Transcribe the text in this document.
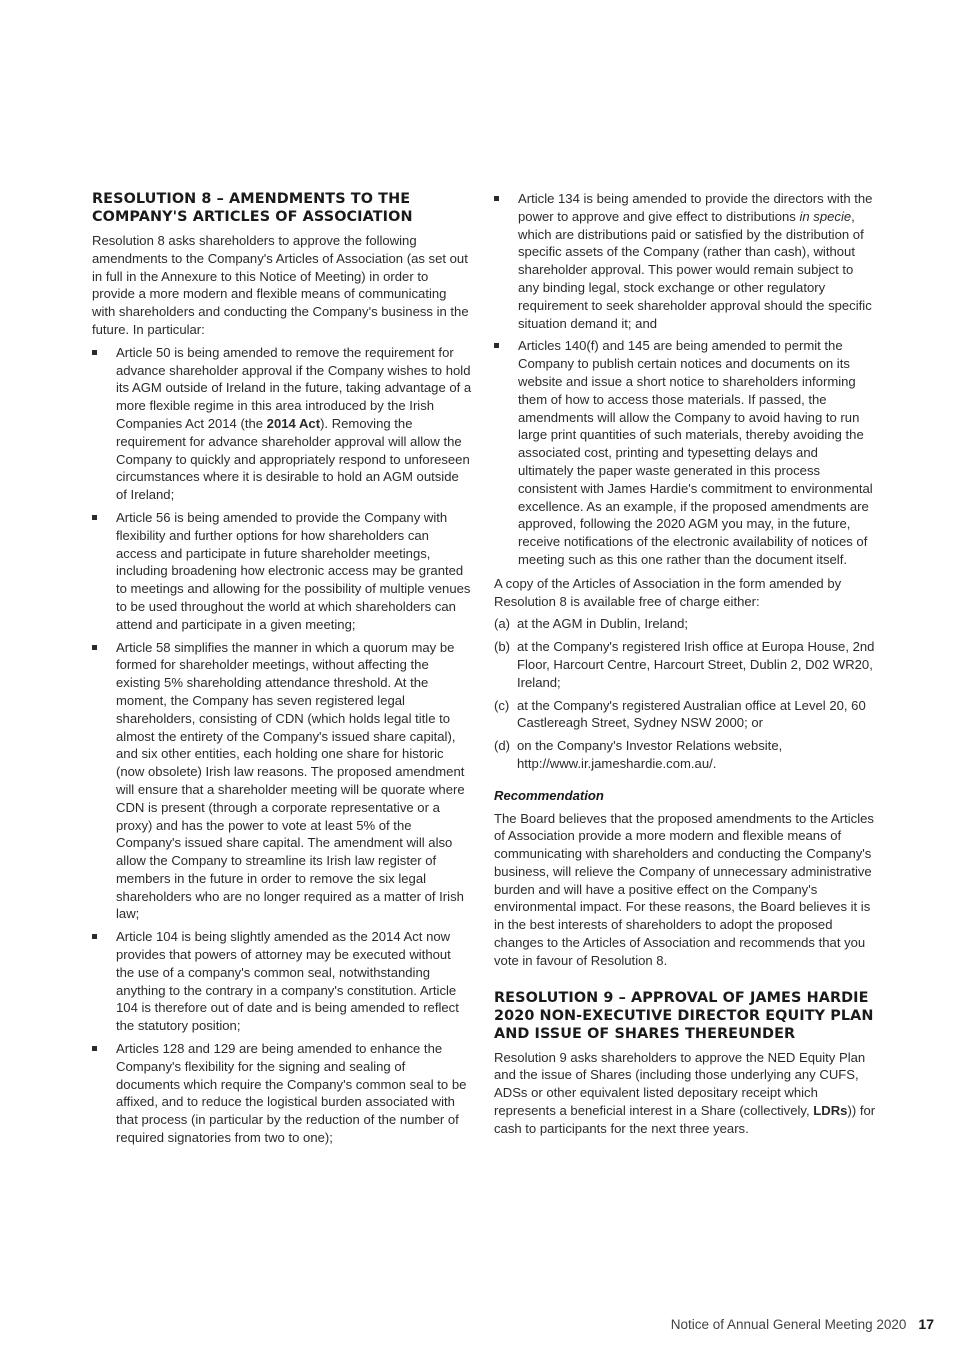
RESOLUTION 8 – AMENDMENTS TO THE COMPANY'S ARTICLES OF ASSOCIATION

Resolution 8 asks shareholders to approve the following amendments to the Company's Articles of Association (as set out in full in the Annexure to this Notice of Meeting) in order to provide a more modern and flexible means of communicating with shareholders and conducting the Company's business in the future. In particular:

Article 50 is being amended to remove the requirement for advance shareholder approval if the Company wishes to hold its AGM outside of Ireland in the future, taking advantage of a more flexible regime in this area introduced by the Irish Companies Act 2014 (the 2014 Act). Removing the requirement for advance shareholder approval will allow the Company to quickly and appropriately respond to unforeseen circumstances where it is desirable to hold an AGM outside of Ireland;
Article 56 is being amended to provide the Company with flexibility and further options for how shareholders can access and participate in future shareholder meetings, including broadening how electronic access may be granted to meetings and allowing for the possibility of multiple venues to be used throughout the world at which shareholders can attend and participate in a given meeting;
Article 58 simplifies the manner in which a quorum may be formed for shareholder meetings, without affecting the existing 5% shareholding attendance threshold. At the moment, the Company has seven registered legal shareholders, consisting of CDN (which holds legal title to almost the entirety of the Company's issued share capital), and six other entities, each holding one share for historic (now obsolete) Irish law reasons. The proposed amendment will ensure that a shareholder meeting will be quorate where CDN is present (through a corporate representative or a proxy) and has the power to vote at least 5% of the Company's issued share capital. The amendment will also allow the Company to streamline its Irish law register of members in the future in order to remove the six legal shareholders who are no longer required as a matter of Irish law;
Article 104 is being slightly amended as the 2014 Act now provides that powers of attorney may be executed without the use of a company's common seal, notwithstanding anything to the contrary in a company's constitution. Article 104 is therefore out of date and is being amended to reflect the statutory position;
Articles 128 and 129 are being amended to enhance the Company's flexibility for the signing and sealing of documents which require the Company's common seal to be affixed, and to reduce the logistical burden associated with that process (in particular by the reduction of the number of required signatories from two to one);
Article 134 is being amended to provide the directors with the power to approve and give effect to distributions in specie, which are distributions paid or satisfied by the distribution of specific assets of the Company (rather than cash), without shareholder approval. This power would remain subject to any binding legal, stock exchange or other regulatory requirement to seek shareholder approval should the specific situation demand it; and
Articles 140(f) and 145 are being amended to permit the Company to publish certain notices and documents on its website and issue a short notice to shareholders informing them of how to access those materials. If passed, the amendments will allow the Company to avoid having to run large print quantities of such materials, thereby avoiding the associated cost, printing and typesetting delays and ultimately the paper waste generated in this process consistent with James Hardie's commitment to environmental excellence. As an example, if the proposed amendments are approved, following the 2020 AGM you may, in the future, receive notifications of the electronic availability of notices of meeting such as this one rather than the document itself.

A copy of the Articles of Association in the form amended by Resolution 8 is available free of charge either:

(a) at the AGM in Dublin, Ireland;
(b) at the Company's registered Irish office at Europa House, 2nd Floor, Harcourt Centre, Harcourt Street, Dublin 2, D02 WR20, Ireland;
(c) at the Company's registered Australian office at Level 20, 60 Castlereagh Street, Sydney NSW 2000; or
(d) on the Company's Investor Relations website, http://www.ir.jameshardie.com.au/.

Recommendation

The Board believes that the proposed amendments to the Articles of Association provide a more modern and flexible means of communicating with shareholders and conducting the Company's business, will relieve the Company of unnecessary administrative burden and will have a positive effect on the Company's environmental impact. For these reasons, the Board believes it is in the best interests of shareholders to adopt the proposed changes to the Articles of Association and recommends that you vote in favour of Resolution 8.

RESOLUTION 9 – APPROVAL OF JAMES HARDIE 2020 NON-EXECUTIVE DIRECTOR EQUITY PLAN AND ISSUE OF SHARES THEREUNDER

Resolution 9 asks shareholders to approve the NED Equity Plan and the issue of Shares (including those underlying any CUFS, ADSs or other equivalent listed depositary receipt which represents a beneficial interest in a Share (collectively, LDRs)) for cash to participants for the next three years.

Notice of Annual General Meeting 2020 17
